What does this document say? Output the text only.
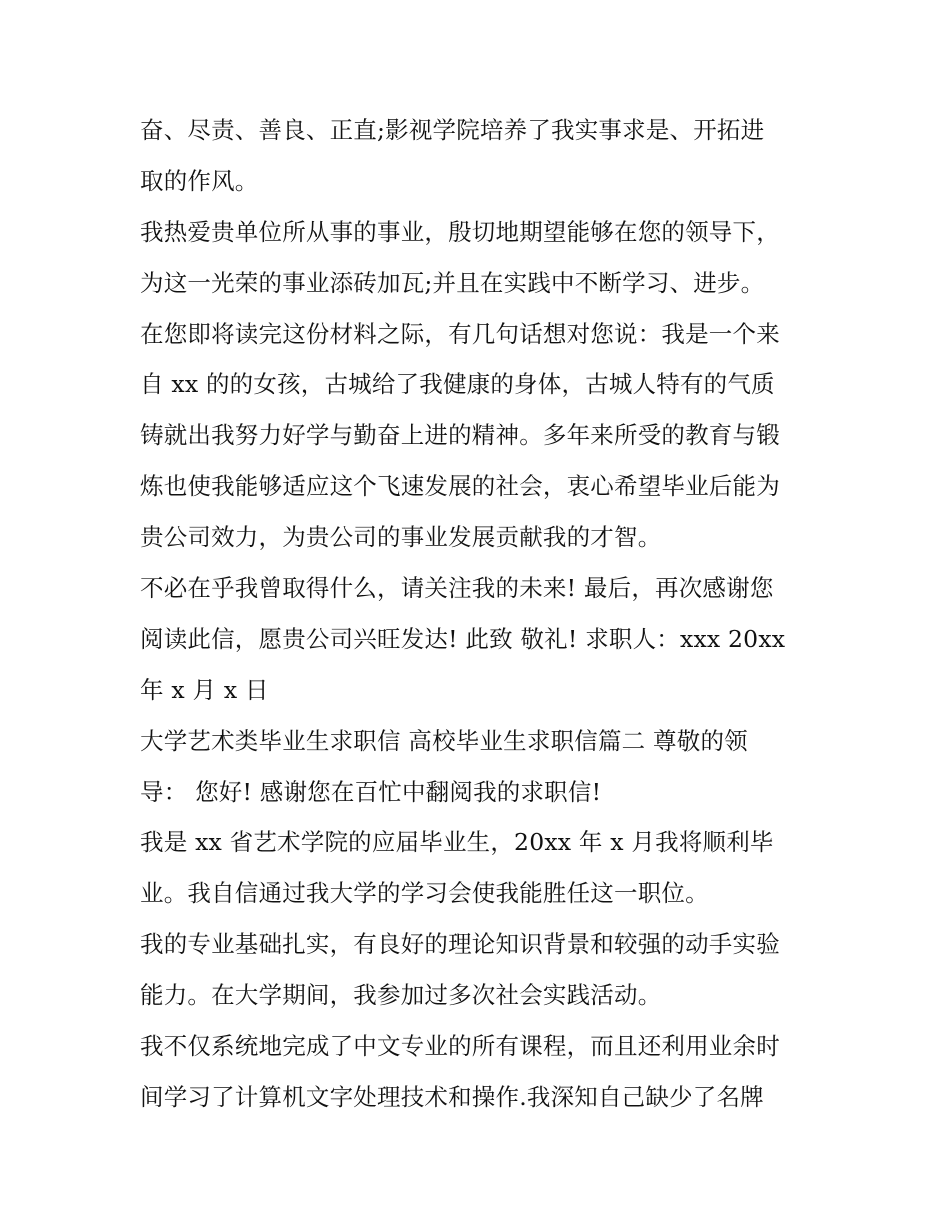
奋、尽责、善良、正直;影视学院培养了我实事求是、开拓进
取的作风。
我热爱贵单位所从事的事业，殷切地期望能够在您的领导下，
为这一光荣的事业添砖加瓦;并且在实践中不断学习、进步。
在您即将读完这份材料之际，有几句话想对您说：我是一个来
自 xx 的的女孩，古城给了我健康的身体，古城人特有的气质
铸就出我努力好学与勤奋上进的精神。多年来所受的教育与锻
炼也使我能够适应这个飞速发展的社会，衷心希望毕业后能为
贵公司效力，为贵公司的事业发展贡献我的才智。
不必在乎我曾取得什么，请关注我的未来! 最后，再次感谢您
阅读此信，愿贵公司兴旺发达! 此致 敬礼! 求职人：xxx 20xx
年 x 月 x 日
大学艺术类毕业生求职信 高校毕业生求职信篇二 尊敬的领
导： 您好! 感谢您在百忙中翻阅我的求职信!
我是 xx 省艺术学院的应届毕业生，20xx 年 x 月我将顺利毕
业。我自信通过我大学的学习会使我能胜任这一职位。
我的专业基础扎实，有良好的理论知识背景和较强的动手实验
能力。在大学期间，我参加过多次社会实践活动。
我不仅系统地完成了中文专业的所有课程，而且还利用业余时
间学习了计算机文字处理技术和操作.我深知自己缺少了名牌
